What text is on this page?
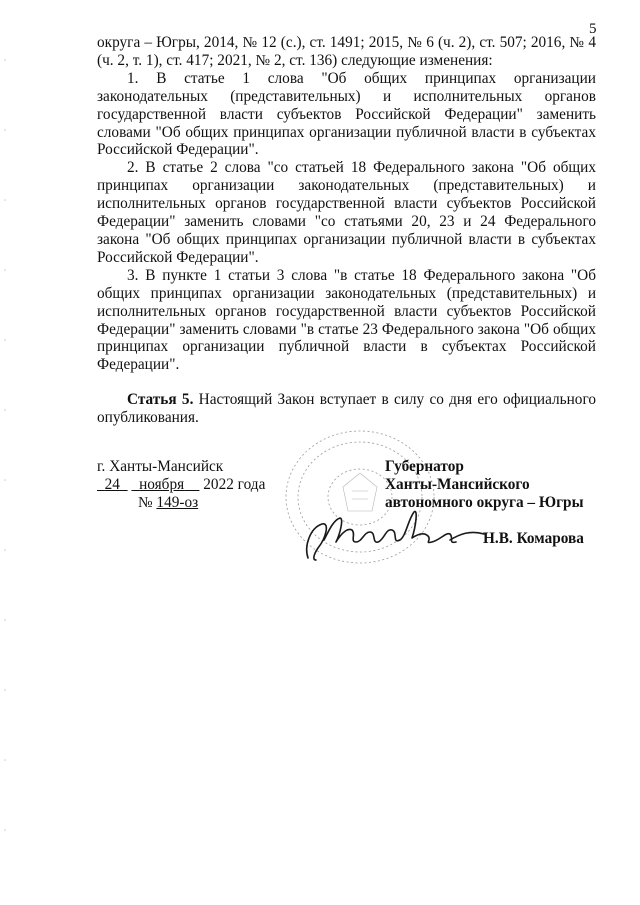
5

округа – Югры, 2014, № 12 (с.), ст. 1491; 2015, № 6 (ч. 2), ст. 507; 2016, № 4 (ч. 2, т. 1), ст. 417; 2021, № 2, ст. 136) следующие изменения:

1. В статье 1 слова "Об общих принципах организации законодательных (представительных) и исполнительных органов государственной власти субъектов Российской Федерации" заменить словами "Об общих принципах организации публичной власти в субъектах Российской Федерации".

2. В статье 2 слова "со статьей 18 Федерального закона "Об общих принципах организации законодательных (представительных) и исполнительных органов государственной власти субъектов Российской Федерации" заменить словами "со статьями 20, 23 и 24 Федерального закона "Об общих принципах организации публичной власти в субъектах Российской Федерации".

3. В пункте 1 статьи 3 слова "в статье 18 Федерального закона "Об общих принципах организации законодательных (представительных) и исполнительных органов государственной власти субъектов Российской Федерации" заменить словами "в статье 23 Федерального закона "Об общих принципах организации публичной власти в субъектах Российской Федерации".

Статья 5. Настоящий Закон вступает в силу со дня его официального опубликования.

г. Ханты-Мансийск
24 ноября 2022 года
№ 149-оз
Губернатор
Ханты-Мансийского
автономного округа – Югры
Н.В. Комарова
